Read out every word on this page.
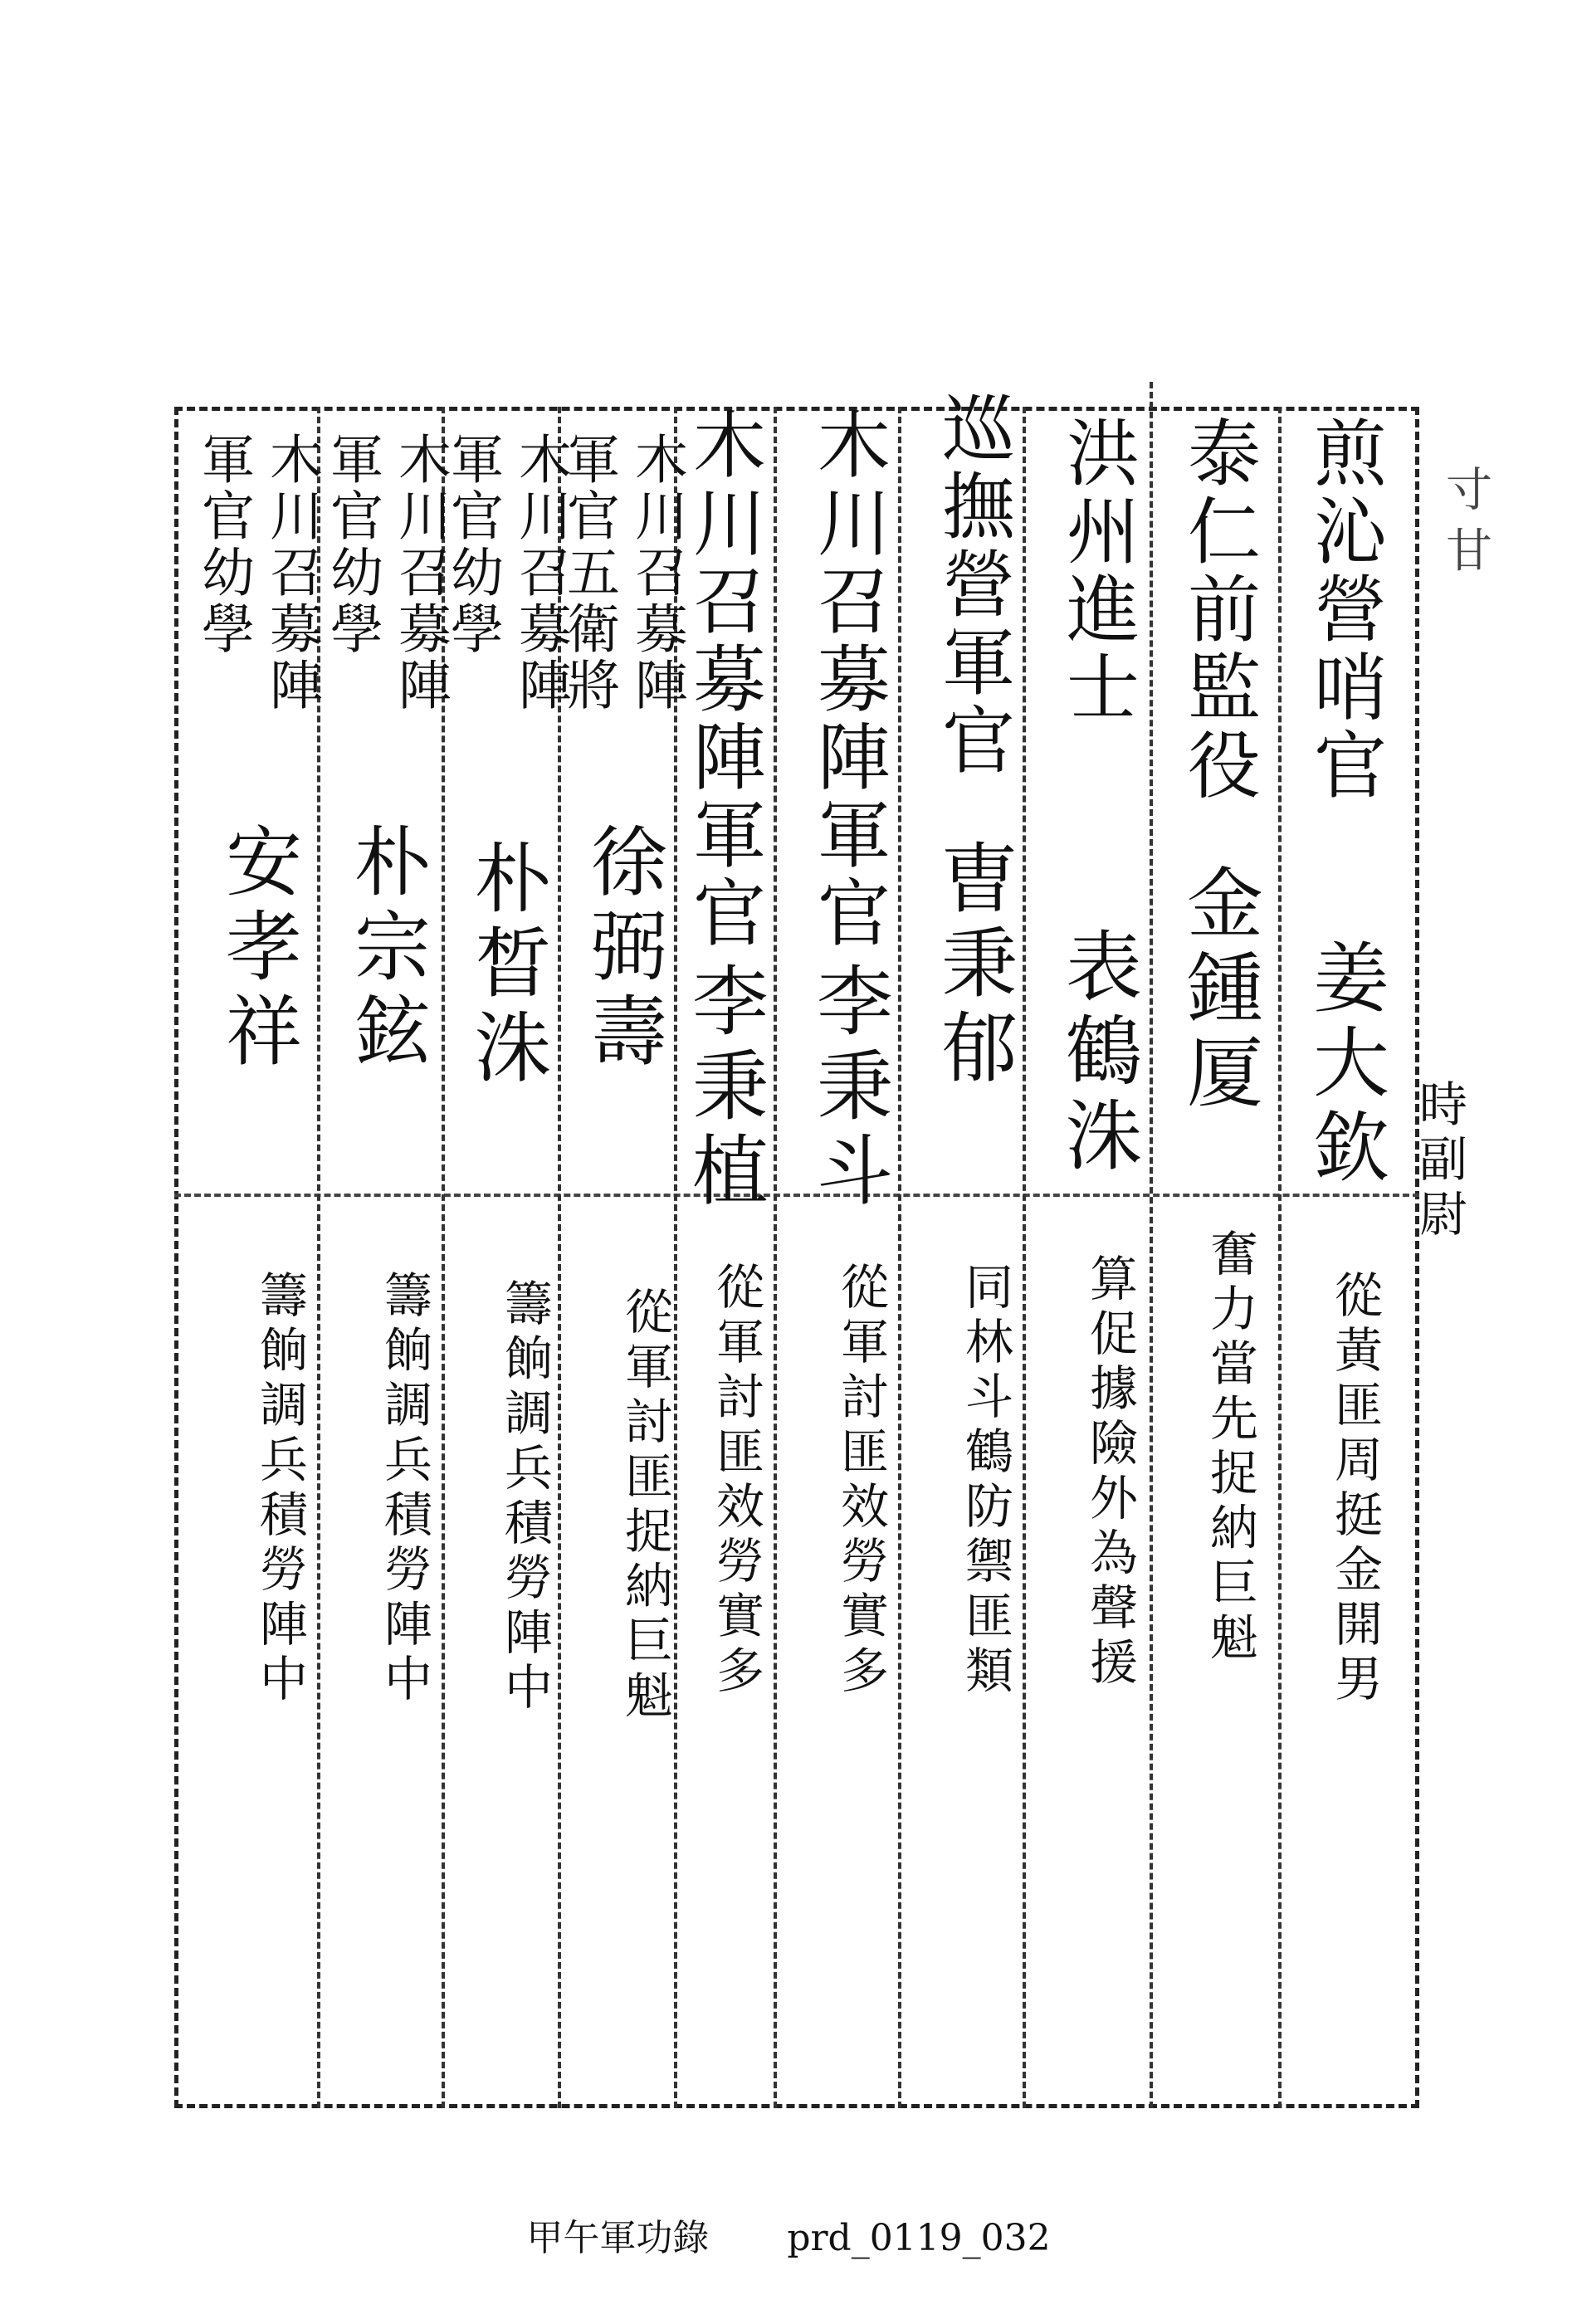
寸 甘
煎沁營哨官
姜大欽 時副尉
從黃匪周挺金開男
泰仁前監役
金鍾厦
奮力當先捉納巨魁
洪州進士
表鶴洙
算促據險外為聲援
巡撫營軍官
曺秉郁
同林斗鶴防禦匪類
木川召募陣軍官
李秉斗
從軍討匪效勞實多
木川召募陣軍官
李秉植
從軍討匪效勞實多
木川召募陣
軍官五衛將
徐弼壽
從軍討匪捉納巨魁
木川召募陣
軍官幼學
朴晳洙
籌餉調兵積勞陣中
木川召募陣
軍官幼學
朴宗鉉
籌餉調兵積勞陣中
木川召募陣
軍官幼學
安孝祥
籌餉調兵積勞陣中
甲午軍功錄 prd_0119_032
